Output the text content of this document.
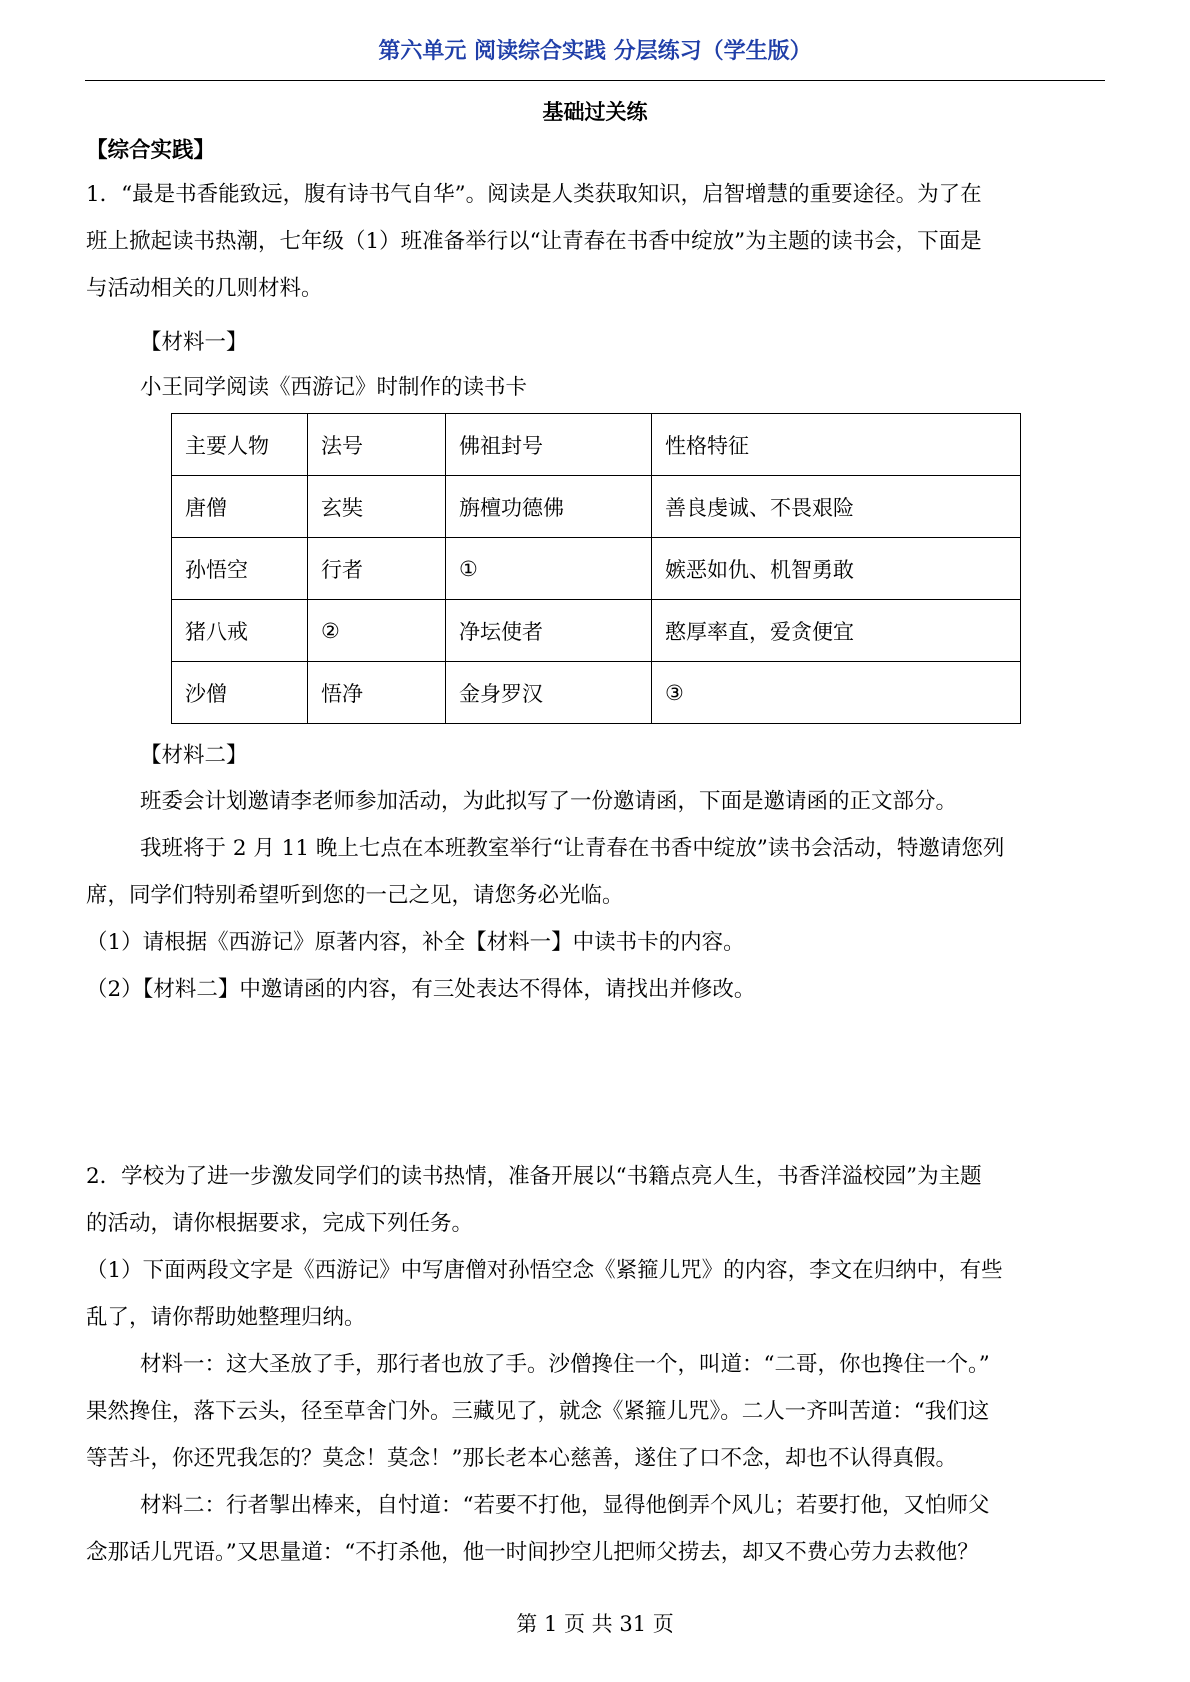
第六单元 阅读综合实践 分层练习（学生版）
基础过关练
【综合实践】
1．“最是书香能致远，腹有诗书气自华”。阅读是人类获取知识，启智增慧的重要途径。为了在
班上掀起读书热潮，七年级（1）班准备举行以“让青春在书香中绽放”为主题的读书会，下面是
与活动相关的几则材料。
【材料一】
小王同学阅读《西游记》时制作的读书卡
主要人物	法号	佛祖封号	性格特征
唐僧	玄奘	旃檀功德佛	善良虔诚、不畏艰险
孙悟空	行者	①	嫉恶如仇、机智勇敢
猪八戒	②	净坛使者	憨厚率直，爱贪便宜
沙僧	悟净	金身罗汉	③
【材料二】
班委会计划邀请李老师参加活动，为此拟写了一份邀请函，下面是邀请函的正文部分。
我班将于 2 月 11 晚上七点在本班教室举行“让青春在书香中绽放”读书会活动，特邀请您列
席，同学们特别希望听到您的一己之见，请您务必光临。
（1）请根据《西游记》原著内容，补全【材料一】中读书卡的内容。
（2）【材料二】中邀请函的内容，有三处表达不得体，请找出并修改。
2．学校为了进一步激发同学们的读书热情，准备开展以“书籍点亮人生，书香洋溢校园”为主题
的活动，请你根据要求，完成下列任务。
（1）下面两段文字是《西游记》中写唐僧对孙悟空念《紧箍儿咒》的内容，李文在归纳中，有些
乱了，请你帮助她整理归纳。
材料一：这大圣放了手，那行者也放了手。沙僧搀住一个，叫道：“二哥，你也搀住一个。”
果然搀住，落下云头，径至草舍门外。三藏见了，就念《紧箍儿咒》。二人一齐叫苦道：“我们这
等苦斗，你还咒我怎的？莫念！莫念！”那长老本心慈善，遂住了口不念，却也不认得真假。
材料二：行者掣出棒来，自忖道：“若要不打他，显得他倒弄个风儿；若要打他，又怕师父
念那话儿咒语。”又思量道：“不打杀他，他一时间抄空儿把师父捞去，却又不费心劳力去救他？
第 1 页 共 31 页
